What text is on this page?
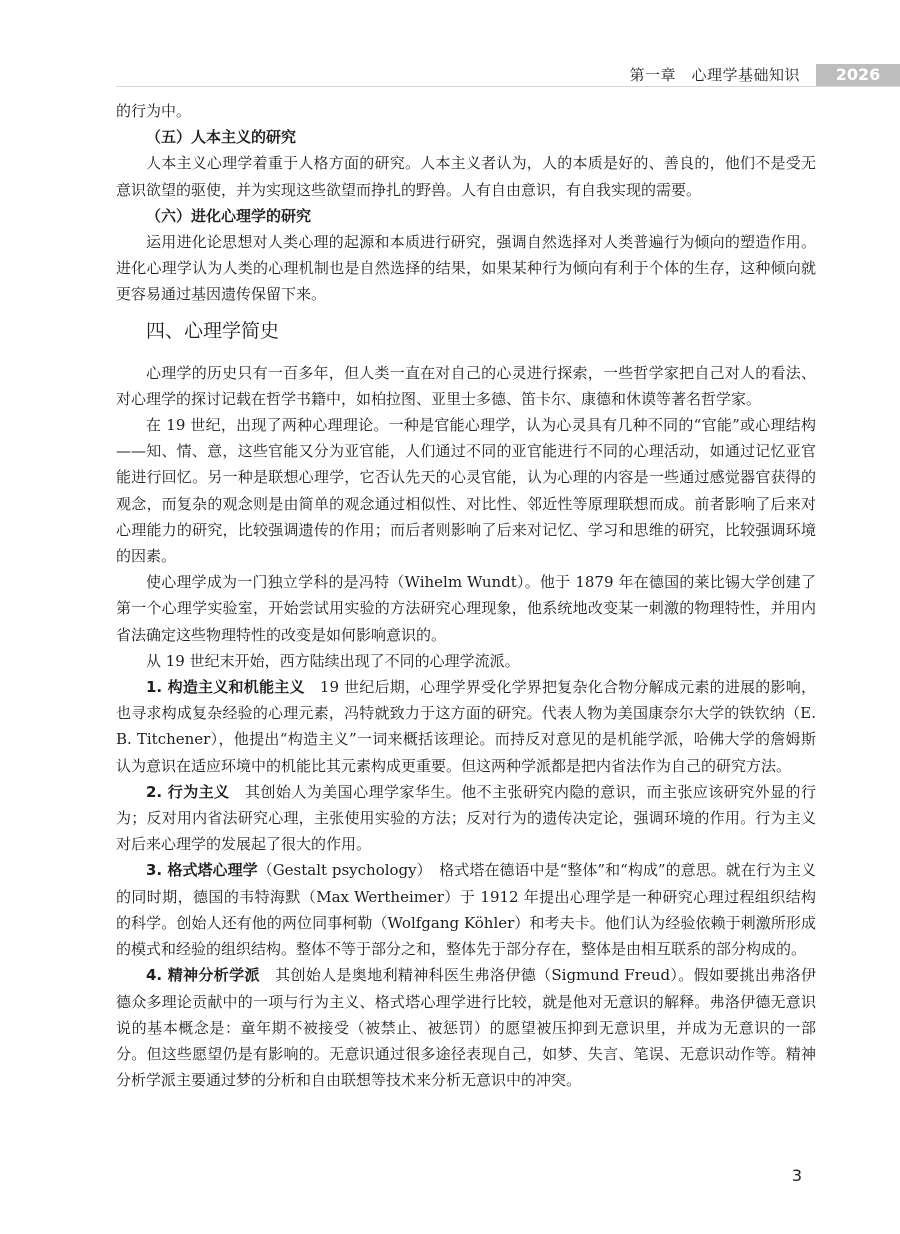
第一章　心理学基础知识	2026

的行为中。

（五）人本主义的研究

人本主义心理学着重于人格方面的研究。人本主义者认为，人的本质是好的、善良的，他们不是受无意识欲望的驱使，并为实现这些欲望而挣扎的野兽。人有自由意识，有自我实现的需要。

（六）进化心理学的研究

运用进化论思想对人类心理的起源和本质进行研究，强调自然选择对人类普遍行为倾向的塑造作用。进化心理学认为人类的心理机制也是自然选择的结果，如果某种行为倾向有利于个体的生存，这种倾向就更容易通过基因遗传保留下来。

四、心理学简史

心理学的历史只有一百多年，但人类一直在对自己的心灵进行探索，一些哲学家把自己对人的看法、对心理学的探讨记载在哲学书籍中，如柏拉图、亚里士多德、笛卡尔、康德和休谟等著名哲学家。

在 19 世纪，出现了两种心理理论。一种是官能心理学，认为心灵具有几种不同的“官能”或心理结构——知、情、意，这些官能又分为亚官能，人们通过不同的亚官能进行不同的心理活动，如通过记忆亚官能进行回忆。另一种是联想心理学，它否认先天的心灵官能，认为心理的内容是一些通过感觉器官获得的观念，而复杂的观念则是由简单的观念通过相似性、对比性、邻近性等原理联想而成。前者影响了后来对心理能力的研究，比较强调遗传的作用；而后者则影响了后来对记忆、学习和思维的研究，比较强调环境的因素。

使心理学成为一门独立学科的是冯特（Wihelm Wundt）。他于 1879 年在德国的莱比锡大学创建了第一个心理学实验室，开始尝试用实验的方法研究心理现象，他系统地改变某一刺激的物理特性，并用内省法确定这些物理特性的改变是如何影响意识的。

从 19 世纪末开始，西方陆续出现了不同的心理学流派。

1. 构造主义和机能主义　19 世纪后期，心理学界受化学界把复杂化合物分解成元素的进展的影响，也寻求构成复杂经验的心理元素，冯特就致力于这方面的研究。代表人物为美国康奈尔大学的铁钦纳（E. B. Titchener），他提出“构造主义”一词来概括该理论。而持反对意见的是机能学派，哈佛大学的詹姆斯认为意识在适应环境中的机能比其元素构成更重要。但这两种学派都是把内省法作为自己的研究方法。

2. 行为主义　其创始人为美国心理学家华生。他不主张研究内隐的意识，而主张应该研究外显的行为；反对用内省法研究心理，主张使用实验的方法；反对行为的遗传决定论，强调环境的作用。行为主义对后来心理学的发展起了很大的作用。

3. 格式塔心理学（Gestalt psychology）　格式塔在德语中是“整体”和“构成”的意思。就在行为主义的同时期，德国的韦特海默（Max Wertheimer）于 1912 年提出心理学是一种研究心理过程组织结构的科学。创始人还有他的两位同事柯勒（Wolfgang Köhler）和考夫卡。他们认为经验依赖于刺激所形成的模式和经验的组织结构。整体不等于部分之和，整体先于部分存在，整体是由相互联系的部分构成的。

4. 精神分析学派　其创始人是奥地利精神科医生弗洛伊德（Sigmund Freud）。假如要挑出弗洛伊德众多理论贡献中的一项与行为主义、格式塔心理学进行比较，就是他对无意识的解释。弗洛伊德无意识说的基本概念是：童年期不被接受（被禁止、被惩罚）的愿望被压抑到无意识里，并成为无意识的一部分。但这些愿望仍是有影响的。无意识通过很多途径表现自己，如梦、失言、笔误、无意识动作等。精神分析学派主要通过梦的分析和自由联想等技术来分析无意识中的冲突。

3
